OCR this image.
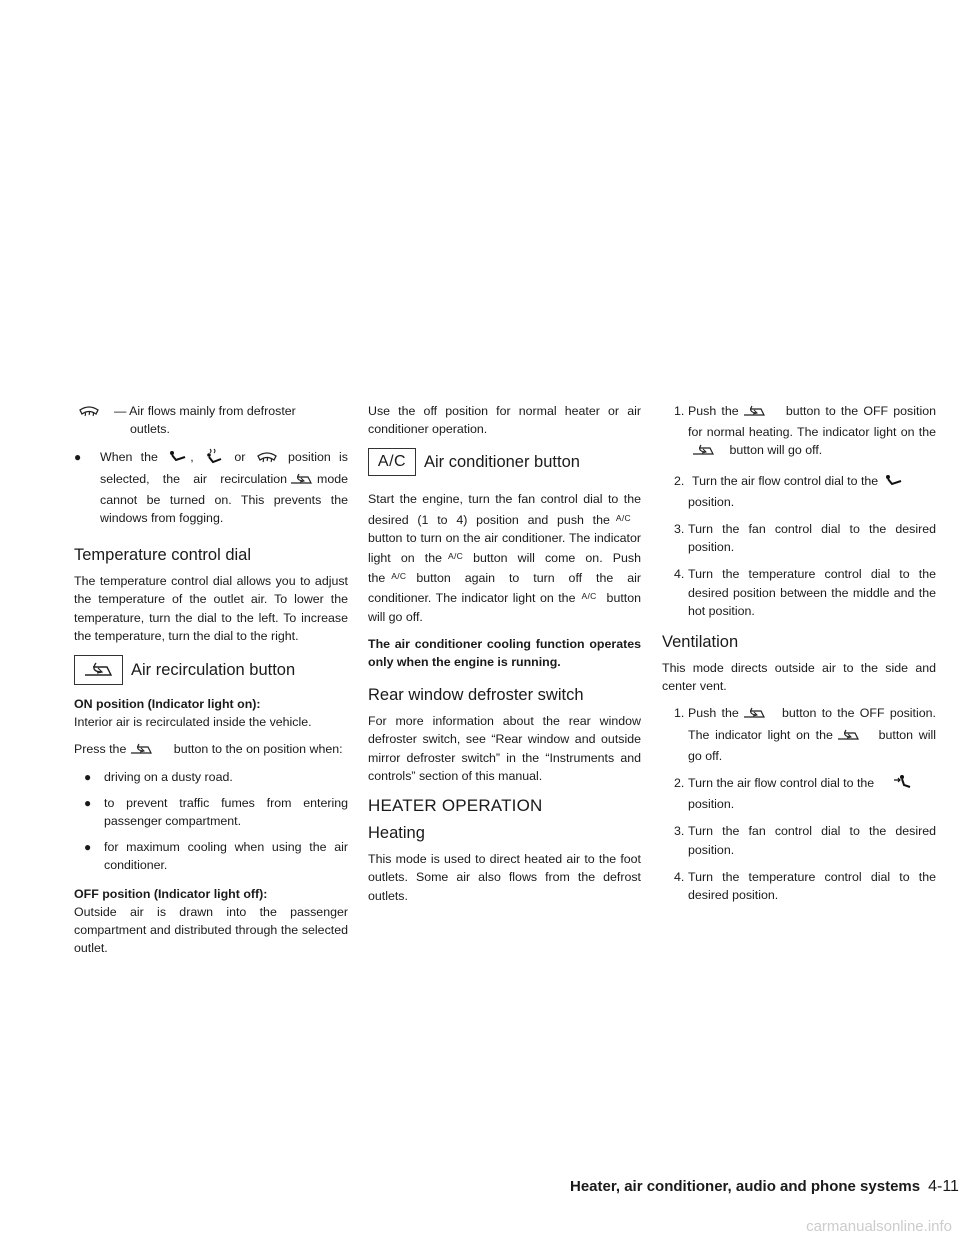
— Air flows mainly from defroster
outlets.
● When the	,	or	position is selected, the air recirculation mode cannot be turned on. This prevents the windows from fogging.
Temperature control dial

The temperature control dial allows you to adjust the temperature of the outlet air. To lower the temperature, turn the dial to the left. To increase the temperature, turn the dial to the right.

Air recirculation button

ON position (Indicator light on):

Interior air is recirculated inside the vehicle.

Press the	button to the on position when:

● driving on a dusty road.
● to prevent traffic fumes from entering passenger compartment.
● for maximum cooling when using the air conditioner.

OFF position (Indicator light off):

Outside air is drawn into the passenger compartment and distributed through the selected outlet.

Use the off position for normal heater or air conditioner operation.

A/C	Air conditioner button

Start the engine, turn the fan control dial to the desired (1 to 4) position and push the $^{A/C}$ button to turn on the air conditioner. The indicator light on the $^{A/C}$ button will come on. Push the $^{A/C}$ button again to turn off the air conditioner. The indicator light on the $^{A/C}$ button will go off.

The air conditioner cooling function operates only when the engine is running.

Rear window defroster switch

For more information about the rear window defroster switch, see “Rear window and outside mirror defroster switch” in the “Instruments and controls” section of this manual.

HEATER OPERATION
Heating

This mode is used to direct heated air to the foot outlets. Some air also flows from the defrost outlets.

1. Push the	button to the OFF position for normal heating. The indicator light on the button will go off.
2. Turn the air flow control dial to the
position.
3. Turn the fan control dial to the desired position.
4. Turn the temperature control dial to the desired position between the middle and the hot position.
Ventilation

This mode directs outside air to the side and center vent.

1. Push the	button to the OFF position. The indicator light on the	button will go off.
2. Turn the air flow control dial to the
position.
3. Turn the fan control dial to the desired position.
4. Turn the temperature control dial to the desired position.
Heater, air conditioner, audio and phone systems 4-11
carmanualsonline.info
